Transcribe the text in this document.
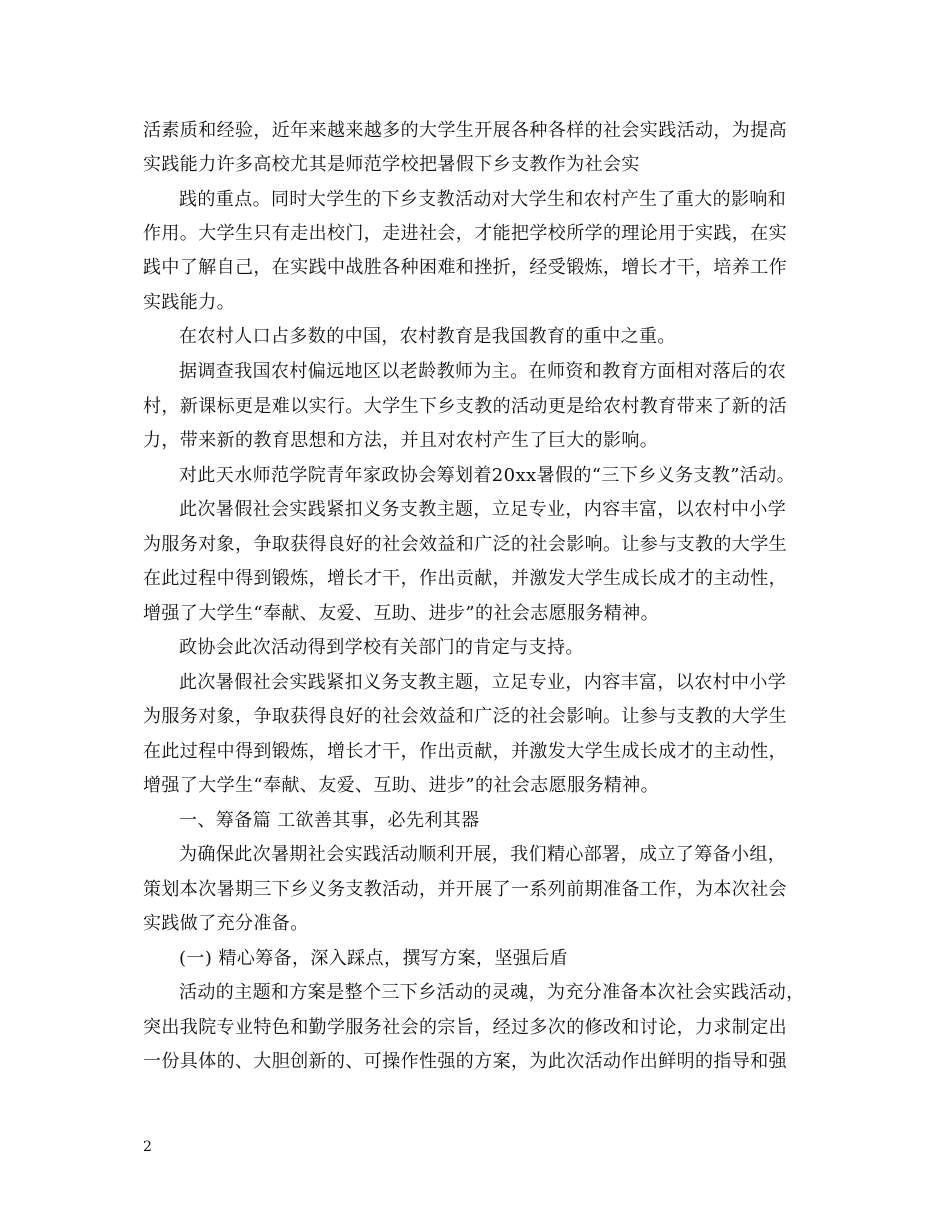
活素质和经验，近年来越来越多的大学生开展各种各样的社会实践活动，为提高

实践能力许多高校尤其是师范学校把暑假下乡支教作为社会实

践的重点。同时大学生的下乡支教活动对大学生和农村产生了重大的影响和

作用。大学生只有走出校门，走进社会，才能把学校所学的理论用于实践，在实

践中了解自己，在实践中战胜各种困难和挫折，经受锻炼，增长才干，培养工作

实践能力。

在农村人口占多数的中国，农村教育是我国教育的重中之重。

据调查我国农村偏远地区以老龄教师为主。在师资和教育方面相对落后的农

村，新课标更是难以实行。大学生下乡支教的活动更是给农村教育带来了新的活

力，带来新的教育思想和方法，并且对农村产生了巨大的影响。

对此天水师范学院青年家政协会筹划着20xx暑假的“三下乡义务支教”活动。

此次暑假社会实践紧扣义务支教主题，立足专业，内容丰富，以农村中小学

为服务对象，争取获得良好的社会效益和广泛的社会影响。让参与支教的大学生

在此过程中得到锻炼，增长才干，作出贡献，并激发大学生成长成才的主动性，

增强了大学生“奉献、友爱、互助、进步”的社会志愿服务精神。

政协会此次活动得到学校有关部门的肯定与支持。

此次暑假社会实践紧扣义务支教主题，立足专业，内容丰富，以农村中小学

为服务对象，争取获得良好的社会效益和广泛的社会影响。让参与支教的大学生

在此过程中得到锻炼，增长才干，作出贡献，并激发大学生成长成才的主动性，

增强了大学生“奉献、友爱、互助、进步”的社会志愿服务精神。

一、筹备篇 工欲善其事，必先利其器

为确保此次暑期社会实践活动顺利开展，我们精心部署，成立了筹备小组，

策划本次暑期三下乡义务支教活动，并开展了一系列前期准备工作，为本次社会

实践做了充分准备。

(一) 精心筹备，深入踩点，撰写方案，坚强后盾

活动的主题和方案是整个三下乡活动的灵魂，为充分准备本次社会实践活动，

突出我院专业特色和勤学服务社会的宗旨，经过多次的修改和讨论，力求制定出

一份具体的、大胆创新的、可操作性强的方案，为此次活动作出鲜明的指导和强

2
